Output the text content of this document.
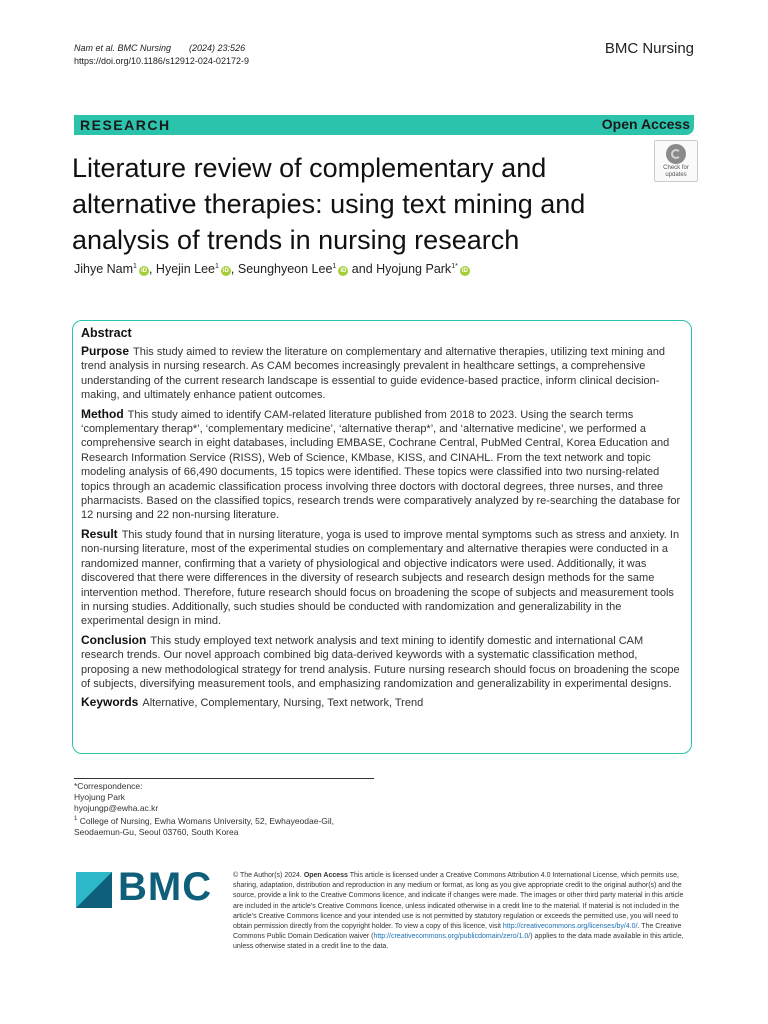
Nam et al. BMC Nursing (2024) 23:526
https://doi.org/10.1186/s12912-024-02172-9
BMC Nursing
RESEARCH	Open Access
Literature review of complementary and alternative therapies: using text mining and analysis of trends in nursing research
Check for
updates
Jihye Nam$^1$iD , Hyejin Lee$^1$iD , Seunghyeon Lee$^1$iD and Hyojung Park$^{1*}$iD
Abstract

Purpose This study aimed to review the literature on complementary and alternative therapies, utilizing text mining and trend analysis in nursing research. As CAM becomes increasingly prevalent in healthcare settings, a comprehensive understanding of the current research landscape is essential to guide evidence-based practice, inform clinical decision-making, and ultimately enhance patient outcomes.

Method This study aimed to identify CAM-related literature published from 2018 to 2023. Using the search terms ‘complementary therap*’, ‘complementary medicine’, ‘alternative therap*’, and ‘alternative medicine’, we performed a comprehensive search in eight databases, including EMBASE, Cochrane Central, PubMed Central, Korea Education and Research Information Service (RISS), Web of Science, KMbase, KISS, and CINAHL. From the text network and topic modeling analysis of 66,490 documents, 15 topics were identified. These topics were classified into two nursing-related topics through an academic classification process involving three doctors with doctoral degrees, three nurses, and three pharmacists. Based on the classified topics, research trends were comparatively analyzed by re-searching the database for 12 nursing and 22 non-nursing literature.

Result This study found that in nursing literature, yoga is used to improve mental symptoms such as stress and anxiety. In non-nursing literature, most of the experimental studies on complementary and alternative therapies were conducted in a randomized manner, confirming that a variety of physiological and objective indicators were used. Additionally, it was discovered that there were differences in the diversity of research subjects and research design methods for the same intervention method. Therefore, future research should focus on broadening the scope of subjects and measurement tools in nursing studies. Additionally, such studies should be conducted with randomization and generalizability in the experimental design in mind.

Conclusion This study employed text network analysis and text mining to identify domestic and international CAM research trends. Our novel approach combined big data-derived keywords with a systematic classification method, proposing a new methodological strategy for trend analysis. Future nursing research should focus on broadening the scope of subjects, diversifying measurement tools, and emphasizing randomization and generalizability in experimental designs.

Keywords Alternative, Complementary, Nursing, Text network, Trend

*Correspondence:
Hyojung Park
hyojungp@ewha.ac.kr
$^1$ College of Nursing, Ewha Womans University, 52, Ewhayeodae-Gil,
Seodaemun-Gu, Seoul 03760, South Korea
BMC	© The Author(s) 2024. Open Access This article is licensed under a Creative Commons Attribution 4.0 International License, which permits use, sharing, adaptation, distribution and reproduction in any medium or format, as long as you give appropriate credit to the original author(s) and the source, provide a link to the Creative Commons licence, and indicate if changes were made. The images or other third party material in this article are included in the article’s Creative Commons licence, unless indicated otherwise in a credit line to the material. If material is not included in the article’s Creative Commons licence and your intended use is not permitted by statutory regulation or exceeds the permitted use, you will need to obtain permission directly from the copyright holder. To view a copy of this licence, visit http://creativecommons.org/licenses/by/4.0/. The Creative Commons Public Domain Dedication waiver (http://creativecommons.org/publicdomain/zero/1.0/) applies to the data made available in this article, unless otherwise stated in a credit line to the data.
